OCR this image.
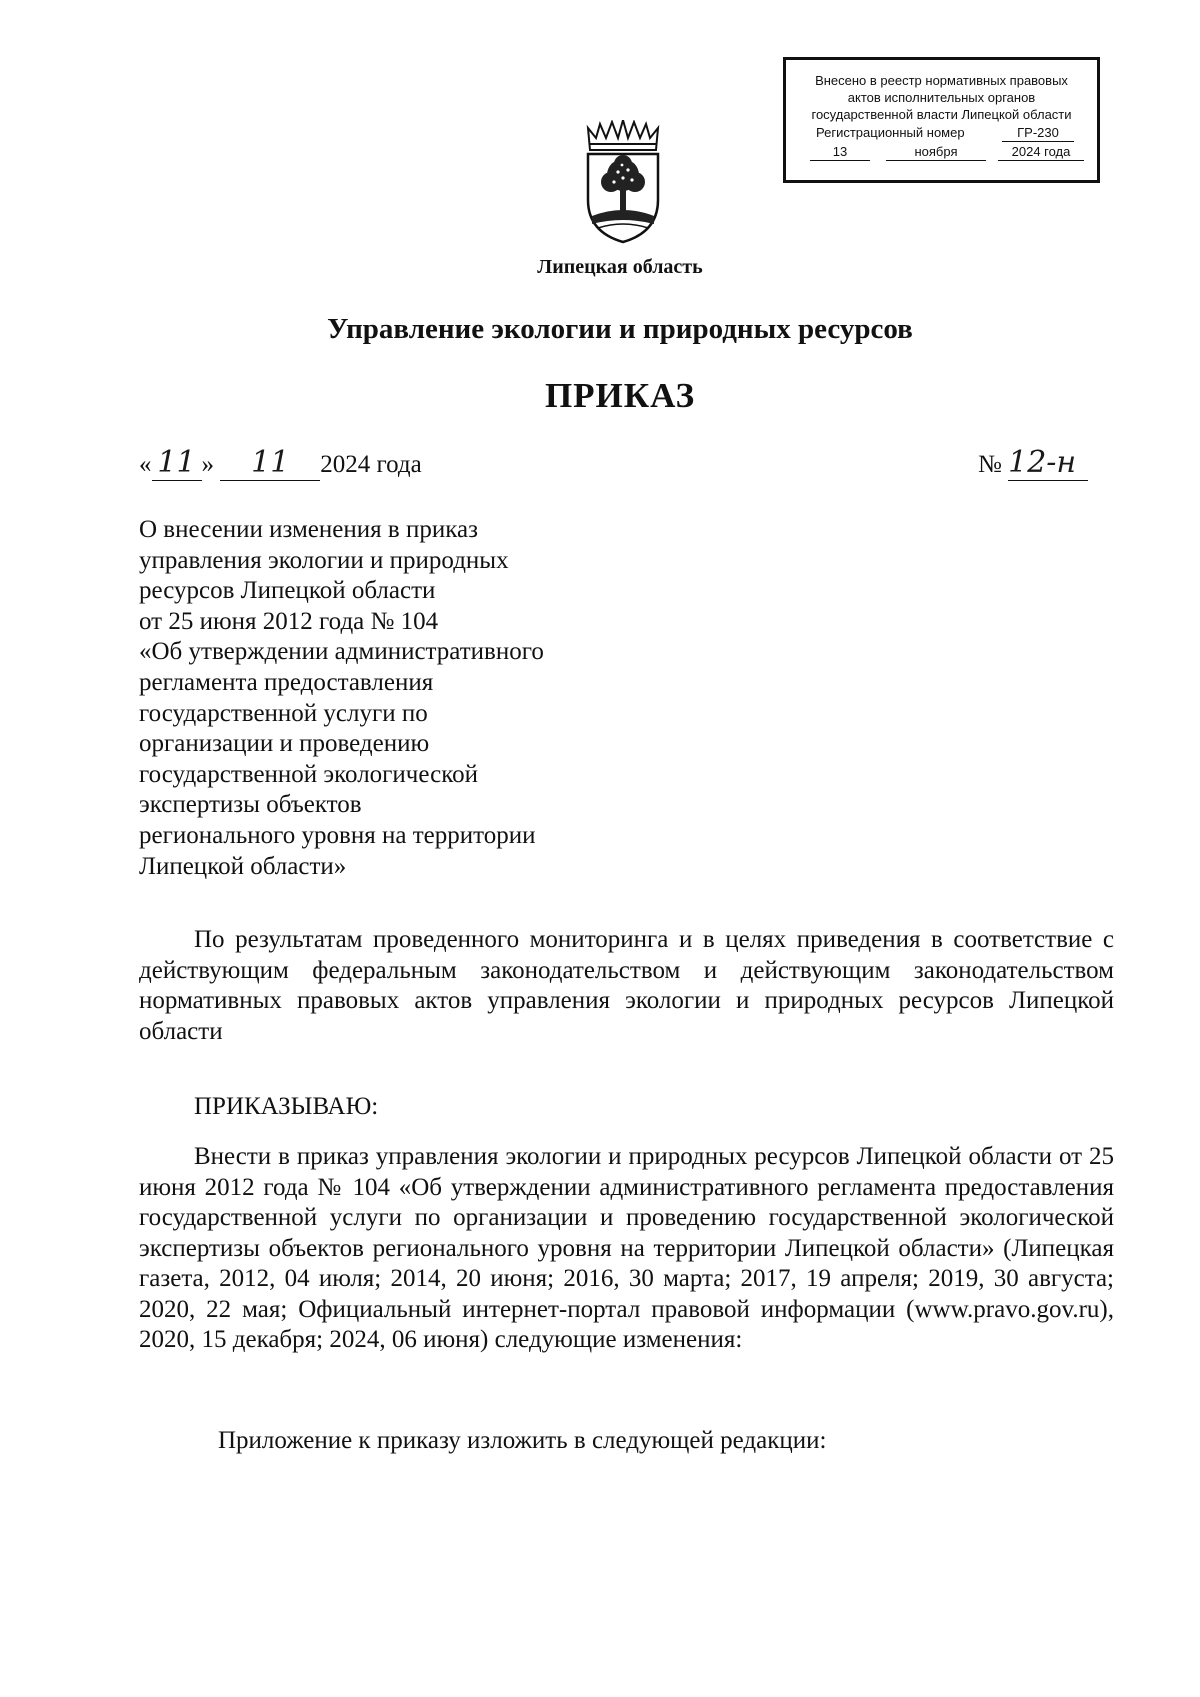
Внесено в реестр нормативных правовых
актов исполнительных органов
государственной власти Липецкой области
Регистрационный номер	ГР-230
13	ноября	2024 года
Липецкая область
Управление экологии и природных ресурсов
ПРИКАЗ
« 11 » 11 2024 года	№ 12-н
О внесении изменения в приказ
управления экологии и природных
ресурсов Липецкой области
от 25 июня 2012 года № 104
«Об утверждении административного
регламента предоставления
государственной услуги по
организации и проведению
государственной экологической
экспертизы объектов
регионального уровня на территории
Липецкой области»
По результатам проведенного мониторинга и в целях приведения в соответствие с действующим федеральным законодательством и действующим законодательством нормативных правовых актов управления экологии и природных ресурсов Липецкой области
ПРИКАЗЫВАЮ:
Внести в приказ управления экологии и природных ресурсов Липецкой области от 25 июня 2012 года № 104 «Об утверждении административного регламента предоставления государственной услуги по организации и проведению государственной экологической экспертизы объектов регионального уровня на территории Липецкой области» (Липецкая газета, 2012, 04 июля; 2014, 20 июня; 2016, 30 марта; 2017, 19 апреля; 2019, 30 августа; 2020, 22 мая; Официальный интернет-портал правовой информации (www.pravo.gov.ru), 2020, 15 декабря; 2024, 06 июня) следующие изменения:
Приложение к приказу изложить в следующей редакции:
